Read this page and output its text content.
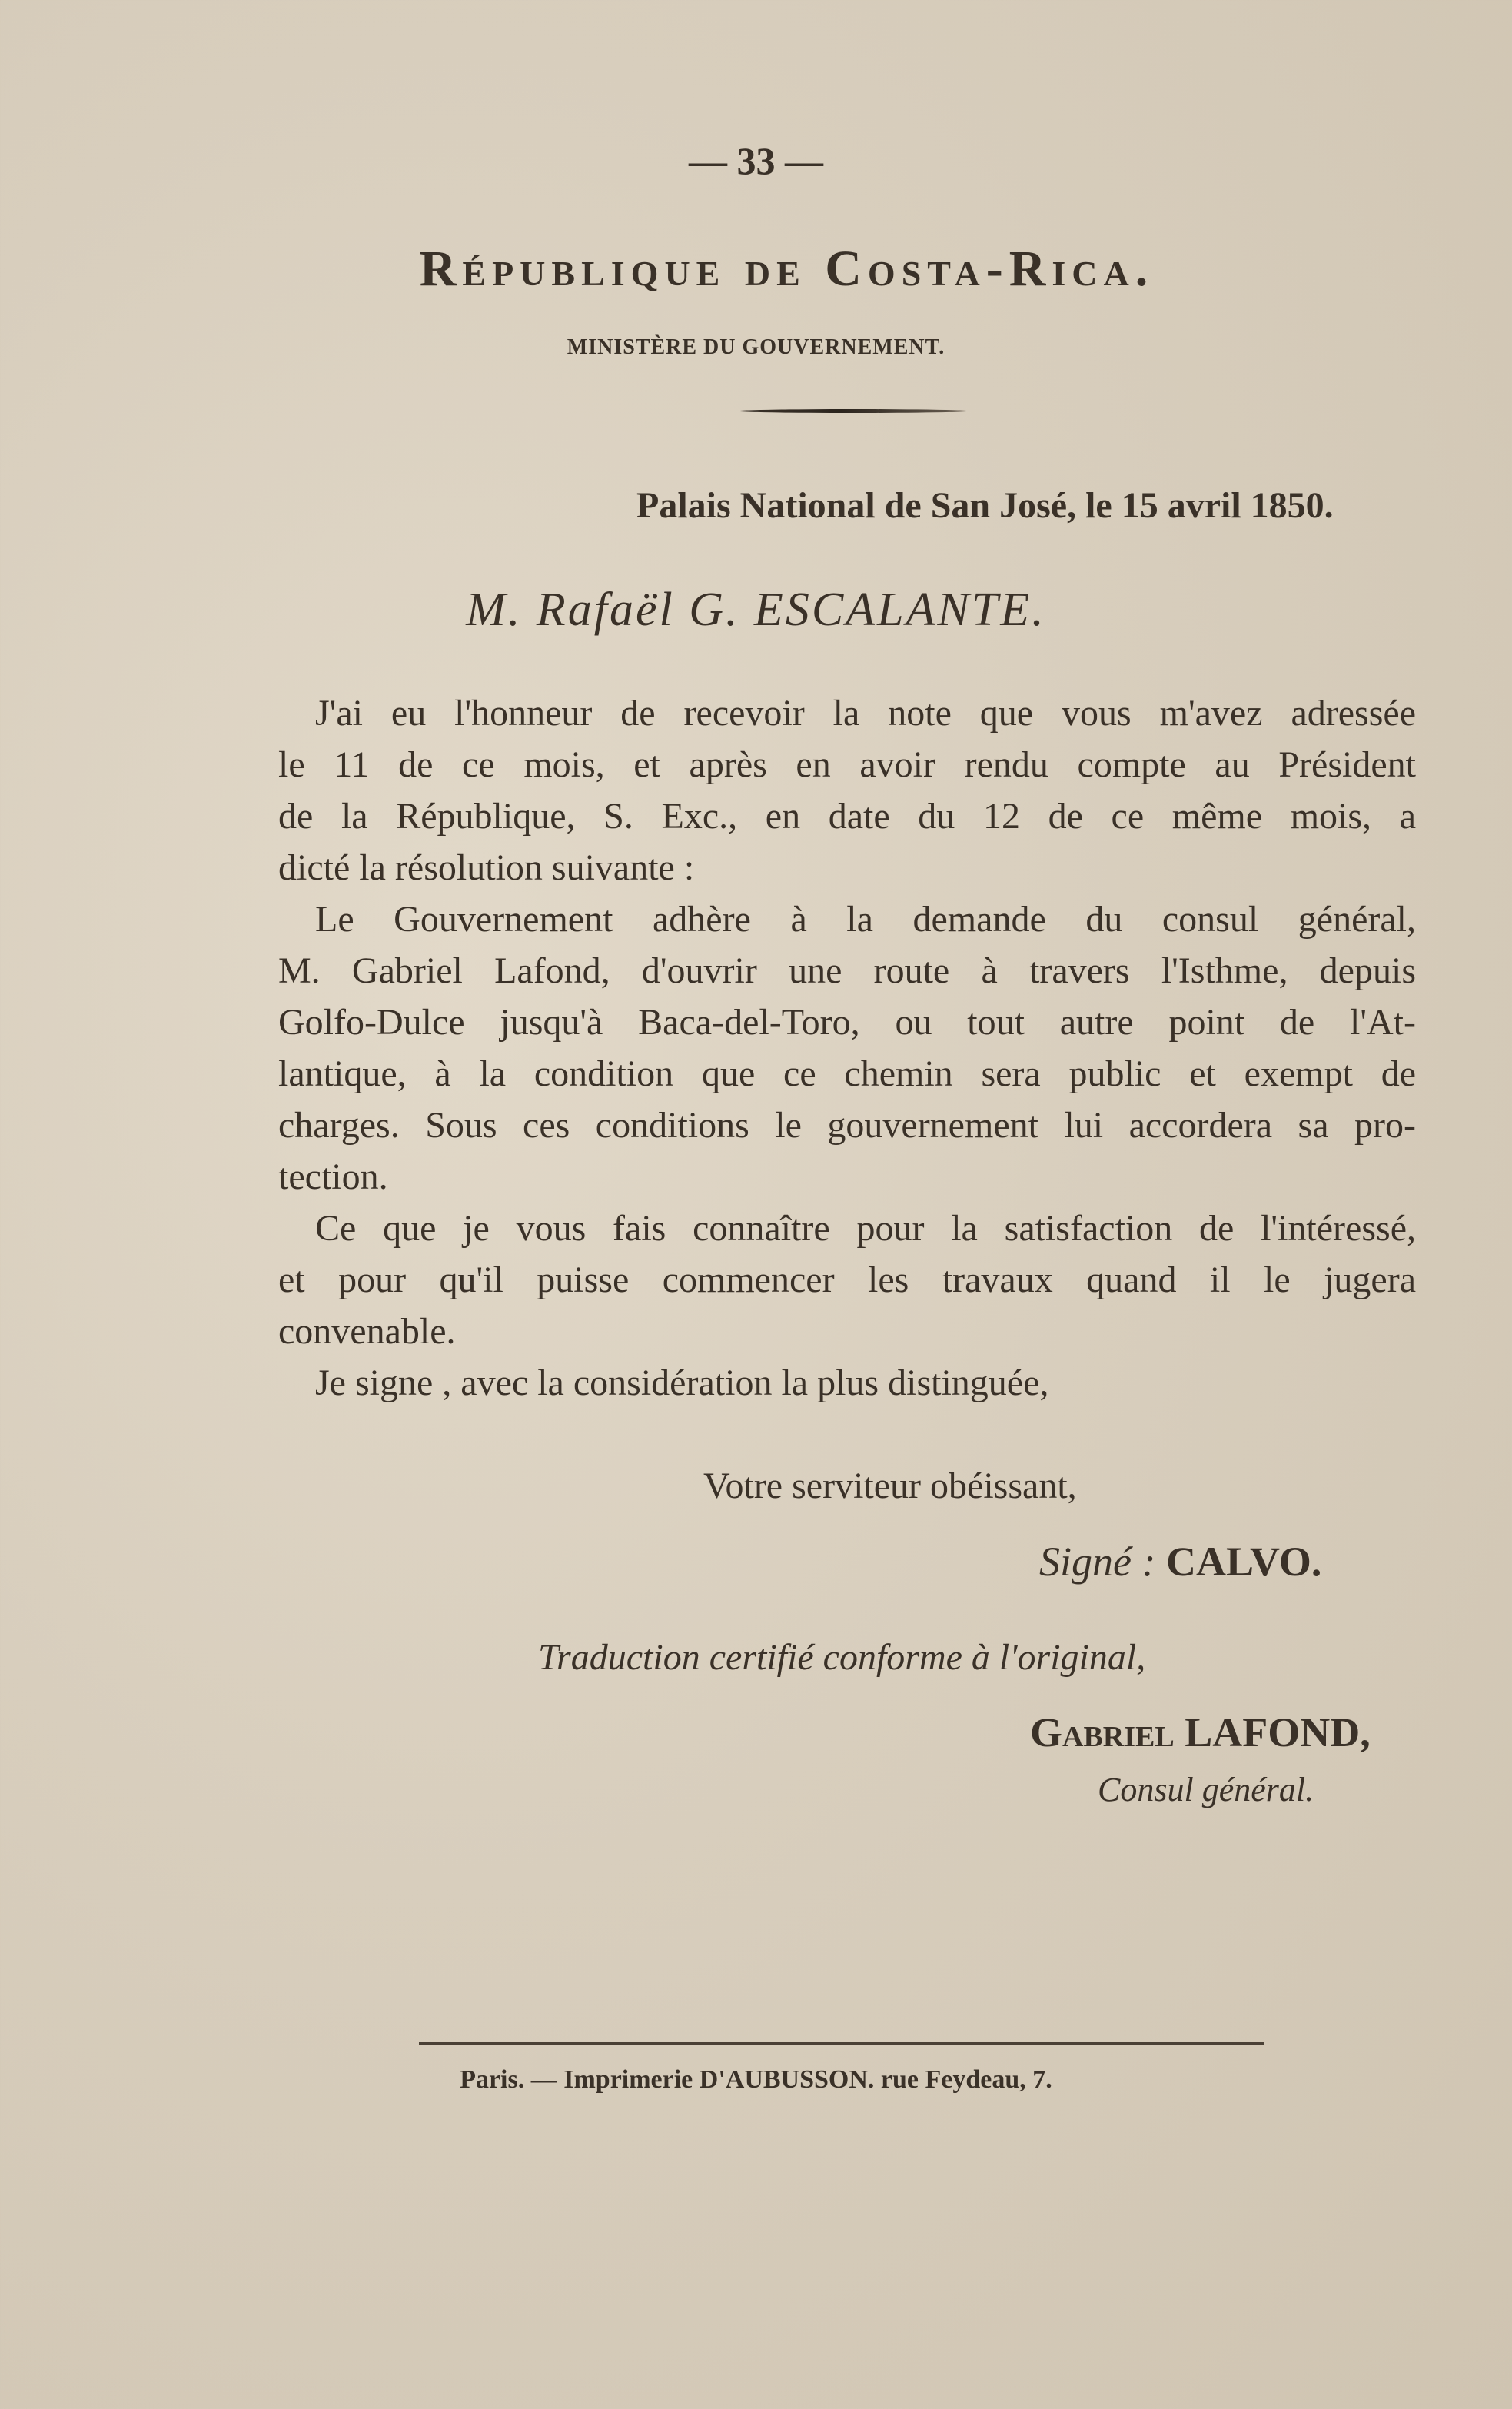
— 33 —
République de Costa-Rica.
MINISTÈRE DU GOUVERNEMENT.
Palais National de San José, le 15 avril 1850.
M. Rafaël G. ESCALANTE.
J'ai eu l'honneur de recevoir la note que vous m'avez adressée
le 11 de ce mois, et après en avoir rendu compte au Président
de la République, S. Exc., en date du 12 de ce même mois, a
dicté la résolution suivante :
Le Gouvernement adhère à la demande du consul général,
M. Gabriel Lafond, d'ouvrir une route à travers l'Isthme, depuis
Golfo-Dulce jusqu'à Baca-del-Toro, ou tout autre point de l'At-
lantique, à la condition que ce chemin sera public et exempt de
charges. Sous ces conditions le gouvernement lui accordera sa pro-
tection.
Ce que je vous fais connaître pour la satisfaction de l'intéressé,
et pour qu'il puisse commencer les travaux quand il le jugera
convenable.
Je signe , avec la considération la plus distinguée,
Votre serviteur obéissant,
Signé : CALVO.
Traduction certifié conforme à l'original,
Gabriel LAFOND,
Consul général.
Paris. — Imprimerie D'AUBUSSON. rue Feydeau, 7.
